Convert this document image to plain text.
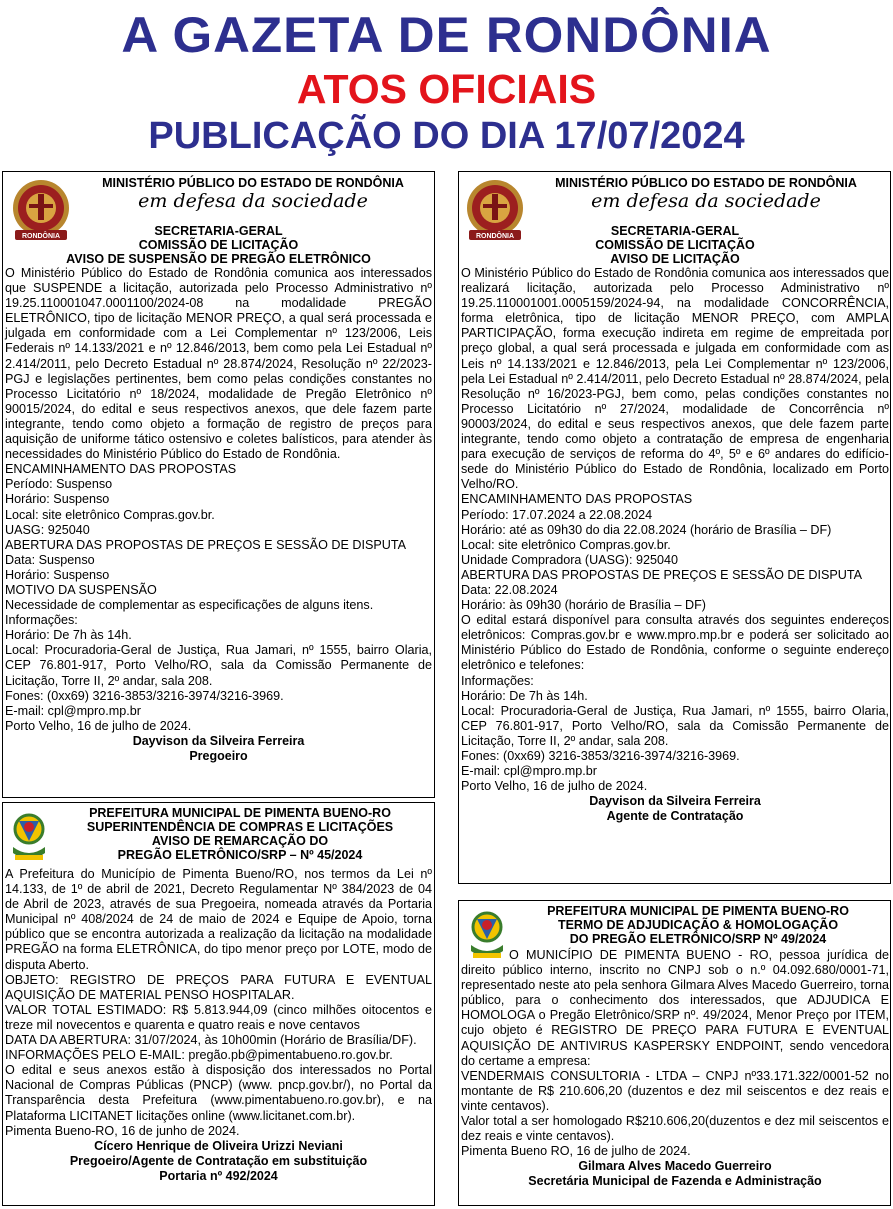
A GAZETA DE RONDÔNIA
ATOS OFICIAIS
PUBLICAÇÃO DO DIA 17/07/2024
RONDÔNIA
MINISTÉRIO PÚBLICO DO ESTADO DE RONDÔNIA
em defesa da sociedade
SECRETARIA-GERAL
COMISSÃO DE LICITAÇÃO
AVISO DE SUSPENSÃO DE PREGÃO ELETRÔNICO

O Ministério Público do Estado de Rondônia comunica aos interessados que SUSPENDE a licitação, autorizada pelo Processo Administrativo nº 19.25.110001047.0001100/2024-08 na modalidade PREGÃO ELETRÔNICO, tipo de licitação MENOR PREÇO, a qual será processada e julgada em conformidade com a Lei Complementar nº 123/2006, Leis Federais nº 14.133/2021 e nº 12.846/2013, bem como pela Lei Estadual nº 2.414/2011, pelo Decreto Estadual nº 28.874/2024, Resolução nº 22/2023-PGJ e legislações pertinentes, bem como pelas condições constantes no Processo Licitatório nº 18/2024, modalidade de Pregão Eletrônico nº 90015/2024, do edital e seus respectivos anexos, que dele fazem parte integrante, tendo como objeto a formação de registro de preços para aquisição de uniforme tático ostensivo e coletes balísticos, para atender às necessidades do Ministério Público do Estado de Rondônia.

ENCAMINHAMENTO DAS PROPOSTAS

Período: Suspenso

Horário: Suspenso

Local: site eletrônico Compras.gov.br.

UASG: 925040

ABERTURA DAS PROPOSTAS DE PREÇOS E SESSÃO DE DISPUTA

Data: Suspenso

Horário: Suspenso

MOTIVO DA SUSPENSÃO

Necessidade de complementar as especificações de alguns itens.

Informações:

Horário: De 7h às 14h.

Local: Procuradoria-Geral de Justiça, Rua Jamari, nº 1555, bairro Olaria, CEP 76.801-917, Porto Velho/RO, sala da Comissão Permanente de Licitação, Torre II, 2º andar, sala 208.

Fones: (0xx69) 3216-3853/3216-3974/3216-3969.

E-mail: cpl@mpro.mp.br

Porto Velho, 16 de julho de 2024.

Dayvison da Silveira Ferreira
Pregoeiro
RONDÔNIA
MINISTÉRIO PÚBLICO DO ESTADO DE RONDÔNIA
em defesa da sociedade
SECRETARIA-GERAL
COMISSÃO DE LICITAÇÃO
AVISO DE LICITAÇÃO

O Ministério Público do Estado de Rondônia comunica aos interessados que realizará licitação, autorizada pelo Processo Administrativo nº 19.25.110001001.0005159/2024-94, na modalidade CONCORRÊNCIA, forma eletrônica, tipo de licitação MENOR PREÇO, com AMPLA PARTICIPAÇÃO, forma execução indireta em regime de empreitada por preço global, a qual será processada e julgada em conformidade com as Leis nº 14.133/2021 e 12.846/2013, pela Lei Complementar nº 123/2006, pela Lei Estadual nº 2.414/2011, pelo Decreto Estadual nº 28.874/2024, pela Resolução nº 16/2023-PGJ, bem como, pelas condições constantes no Processo Licitatório nº 27/2024, modalidade de Concorrência nº 90003/2024, do edital e seus respectivos anexos, que dele fazem parte integrante, tendo como objeto a contratação de empresa de engenharia para execução de serviços de reforma do 4º, 5º e 6º andares do edifício-sede do Ministério Público do Estado de Rondônia, localizado em Porto Velho/RO.

ENCAMINHAMENTO DAS PROPOSTAS

Período: 17.07.2024 a 22.08.2024

Horário: até as 09h30 do dia 22.08.2024 (horário de Brasília – DF)

Local: site eletrônico Compras.gov.br.

Unidade Compradora (UASG): 925040

ABERTURA DAS PROPOSTAS DE PREÇOS E SESSÃO DE DISPUTA

Data: 22.08.2024

Horário: às 09h30 (horário de Brasília – DF)

O edital estará disponível para consulta através dos seguintes endereços eletrônicos: Compras.gov.br e www.mpro.mp.br e poderá ser solicitado ao Ministério Público do Estado de Rondônia, conforme o seguinte endereço eletrônico e telefones:

Informações:

Horário: De 7h às 14h.

Local: Procuradoria-Geral de Justiça, Rua Jamari, nº 1555, bairro Olaria, CEP 76.801-917, Porto Velho/RO, sala da Comissão Permanente de Licitação, Torre II, 2º andar, sala 208.

Fones: (0xx69) 3216-3853/3216-3974/3216-3969.

E-mail: cpl@mpro.mp.br

Porto Velho, 16 de julho de 2024.

Dayvison da Silveira Ferreira
Agente de Contratação
PREFEITURA MUNICIPAL DE PIMENTA BUENO-RO
SUPERINTENDÊNCIA DE COMPRAS E LICITAÇÕES
AVISO DE REMARCAÇÃO DO
PREGÃO ELETRÔNICO/SRP – Nº 45/2024

A Prefeitura do Município de Pimenta Bueno/RO, nos termos da Lei nº 14.133, de 1º de abril de 2021, Decreto Regulamentar Nº 384/2023 de 04 de Abril de 2023, através de sua Pregoeira, nomeada através da Portaria Municipal nº 408/2024 de 24 de maio de 2024 e Equipe de Apoio, torna público que se encontra autorizada a realização da licitação na modalidade PREGÃO na forma ELETRÔNICA, do tipo menor preço por LOTE, modo de disputa Aberto.

OBJETO: REGISTRO DE PREÇOS PARA FUTURA E EVENTUAL AQUISIÇÃO DE MATERIAL PENSO HOSPITALAR.

VALOR TOTAL ESTIMADO: R$ 5.813.944,09 (cinco milhões oitocentos e treze mil novecentos e quarenta e quatro reais e nove centavos

DATA DA ABERTURA: 31/07/2024, às 10h00min (Horário de Brasília/DF).

INFORMAÇÕES PELO E-MAIL: pregão.pb@pimentabueno.ro.gov.br.

O edital e seus anexos estão à disposição dos interessados no Portal Nacional de Compras Públicas (PNCP) (www. pncp.gov.br/), no Portal da Transparência desta Prefeitura (www.pimentabueno.ro.gov.br), e na Plataforma LICITANET licitações online (www.licitanet.com.br).

Pimenta Bueno-RO, 16 de junho de 2024.

Cícero Henrique de Oliveira Urizzi Neviani
Pregoeiro/Agente de Contratação em substituição
Portaria nº 492/2024
PREFEITURA MUNICIPAL DE PIMENTA BUENO-RO
TERMO DE ADJUDICAÇÃO & HOMOLOGAÇÃO
DO PREGÃO ELETRÔNICO/SRP Nº 49/2024

O MUNICÍPIO DE PIMENTA BUENO - RO, pessoa jurídica de direito público interno, inscrito no CNPJ sob o n.º 04.092.680/0001-71, representado neste ato pela senhora Gilmara Alves Macedo Guerreiro, torna público, para o conhecimento dos interessados, que ADJUDICA E HOMOLOGA o Pregão Eletrônico/SRP nº. 49/2024, Menor Preço por ITEM, cujo objeto é REGISTRO DE PREÇO PARA FUTURA E EVENTUAL AQUISIÇÃO DE ANTIVIRUS KASPERSKY ENDPOINT, sendo vencedora do certame a empresa:

VENDERMAIS CONSULTORIA - LTDA – CNPJ nº33.171.322/0001-52 no montante de R$ 210.606,20 (duzentos e dez mil seiscentos e dez reais e vinte centavos).

Valor total a ser homologado R$210.606,20(duzentos e dez mil seiscentos e dez reais e vinte centavos).

Pimenta Bueno RO, 16 de julho de 2024.

Gilmara Alves Macedo Guerreiro
Secretária Municipal de Fazenda e Administração
